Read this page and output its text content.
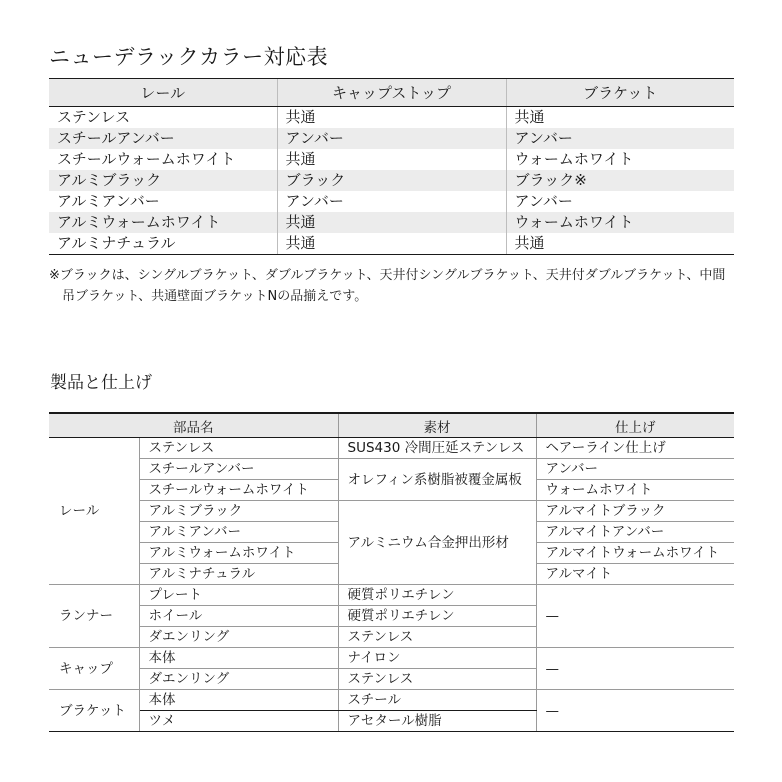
ニューデラックカラー対応表
レール	キャップストップ	ブラケット
ステンレス	共通	共通
スチールアンバー	アンバー	アンバー
スチールウォームホワイト	共通	ウォームホワイト
アルミブラック	ブラック	ブラック※
アルミアンバー	アンバー	アンバー
アルミウォームホワイト	共通	ウォームホワイト
アルミナチュラル	共通	共通
※ブラックは、シングルブラケット、ダブルブラケット、天井付シングルブラケット、天井付ダブルブラケット、中間
吊ブラケット、共通壁面ブラケットNの品揃えです。
製品と仕上げ
部品名		素材	仕上げ
レール	ステンレス	SUS430 冷間圧延ステンレス	ヘアーライン仕上げ
	スチールアンバー	オレフィン系樹脂被覆金属板	アンバー
	スチールウォームホワイト		ウォームホワイト
	アルミブラック	アルミニウム合金押出形材	アルマイトブラック
	アルミアンバー		アルマイトアンバー
	アルミウォームホワイト		アルマイトウォームホワイト
	アルミナチュラル		アルマイト
ランナー	プレート	硬質ポリエチレン	—
	ホイール	硬質ポリエチレン	
	ダエンリング	ステンレス	
キャップ	本体	ナイロン	—
	ダエンリング	ステンレス	
ブラケット	本体	スチール	—
	ツメ	アセタール樹脂	
